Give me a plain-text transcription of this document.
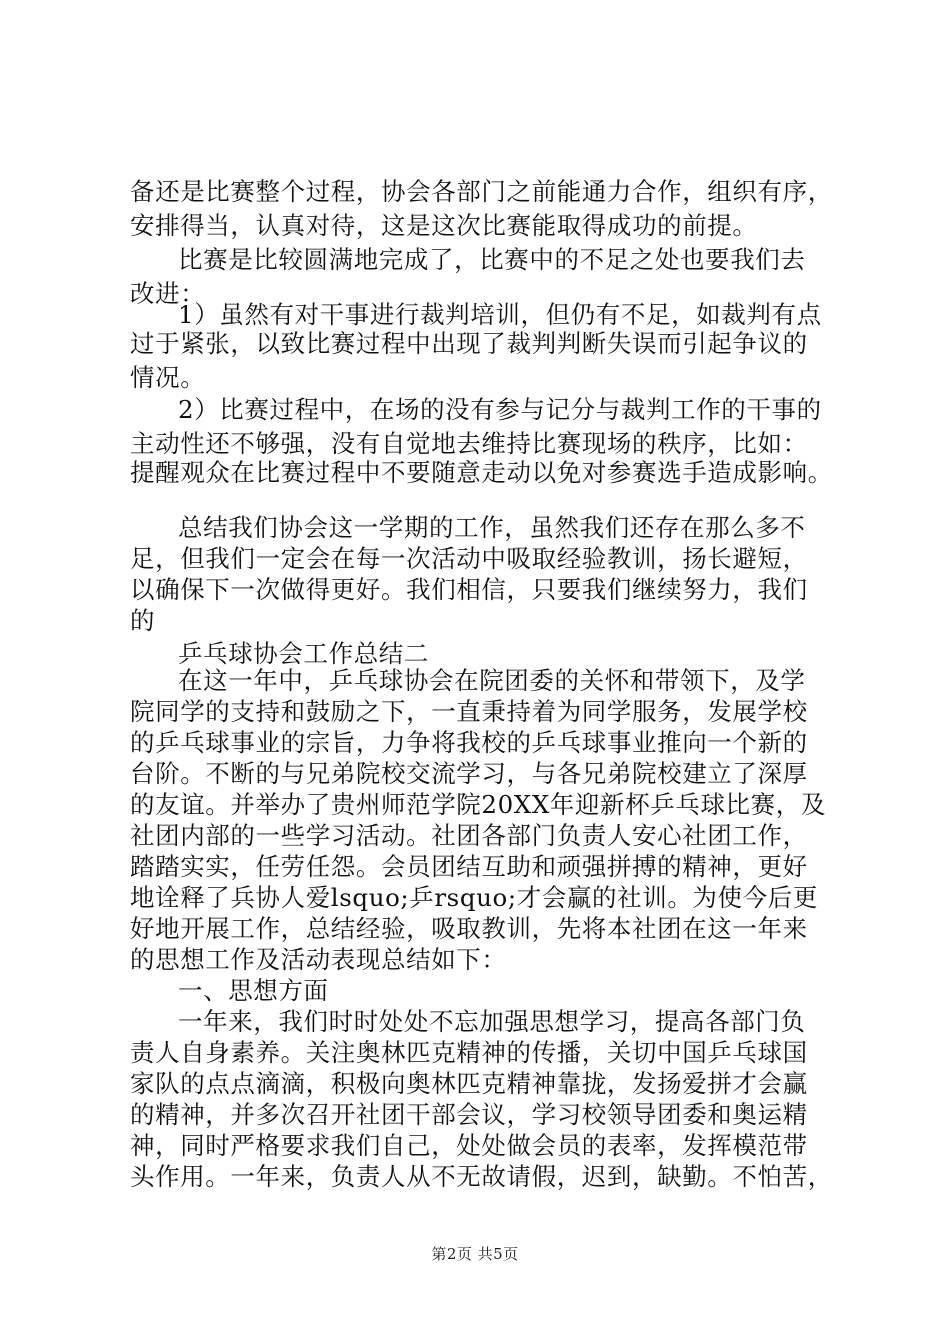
备还是比赛整个过程，协会各部门之前能通力合作，组织有序，
安排得当，认真对待，这是这次比赛能取得成功的前提。
比赛是比较圆满地完成了，比赛中的不足之处也要我们去
改进：
1）虽然有对干事进行裁判培训，但仍有不足，如裁判有点
过于紧张，以致比赛过程中出现了裁判判断失误而引起争议的
情况。
2）比赛过程中，在场的没有参与记分与裁判工作的干事的
主动性还不够强，没有自觉地去维持比赛现场的秩序，比如：
提醒观众在比赛过程中不要随意走动以免对参赛选手造成影响。
总结我们协会这一学期的工作，虽然我们还存在那么多不
足，但我们一定会在每一次活动中吸取经验教训，扬长避短，
以确保下一次做得更好。我们相信，只要我们继续努力，我们
的
乒乓球协会工作总结二
在这一年中，乒乓球协会在院团委的关怀和带领下，及学
院同学的支持和鼓励之下，一直秉持着为同学服务，发展学校
的乒乓球事业的宗旨，力争将我校的乒乓球事业推向一个新的
台阶。不断的与兄弟院校交流学习，与各兄弟院校建立了深厚
的友谊。并举办了贵州师范学院20XX年迎新杯乒乓球比赛，及
社团内部的一些学习活动。社团各部门负责人安心社团工作，
踏踏实实，任劳任怨。会员团结互助和顽强拼搏的精神，更好
地诠释了兵协人爱lsquo;乒rsquo;才会赢的社训。为使今后更
好地开展工作，总结经验，吸取教训，先将本社团在这一年来
的思想工作及活动表现总结如下：
一、思想方面
一年来，我们时时处处不忘加强思想学习，提高各部门负
责人自身素养。关注奥林匹克精神的传播，关切中国乒乓球国
家队的点点滴滴，积极向奥林匹克精神靠拢，发扬爱拼才会赢
的精神，并多次召开社团干部会议，学习校领导团委和奥运精
神，同时严格要求我们自己，处处做会员的表率，发挥模范带
头作用。一年来，负责人从不无故请假，迟到，缺勤。不怕苦，
第2页 共5页
